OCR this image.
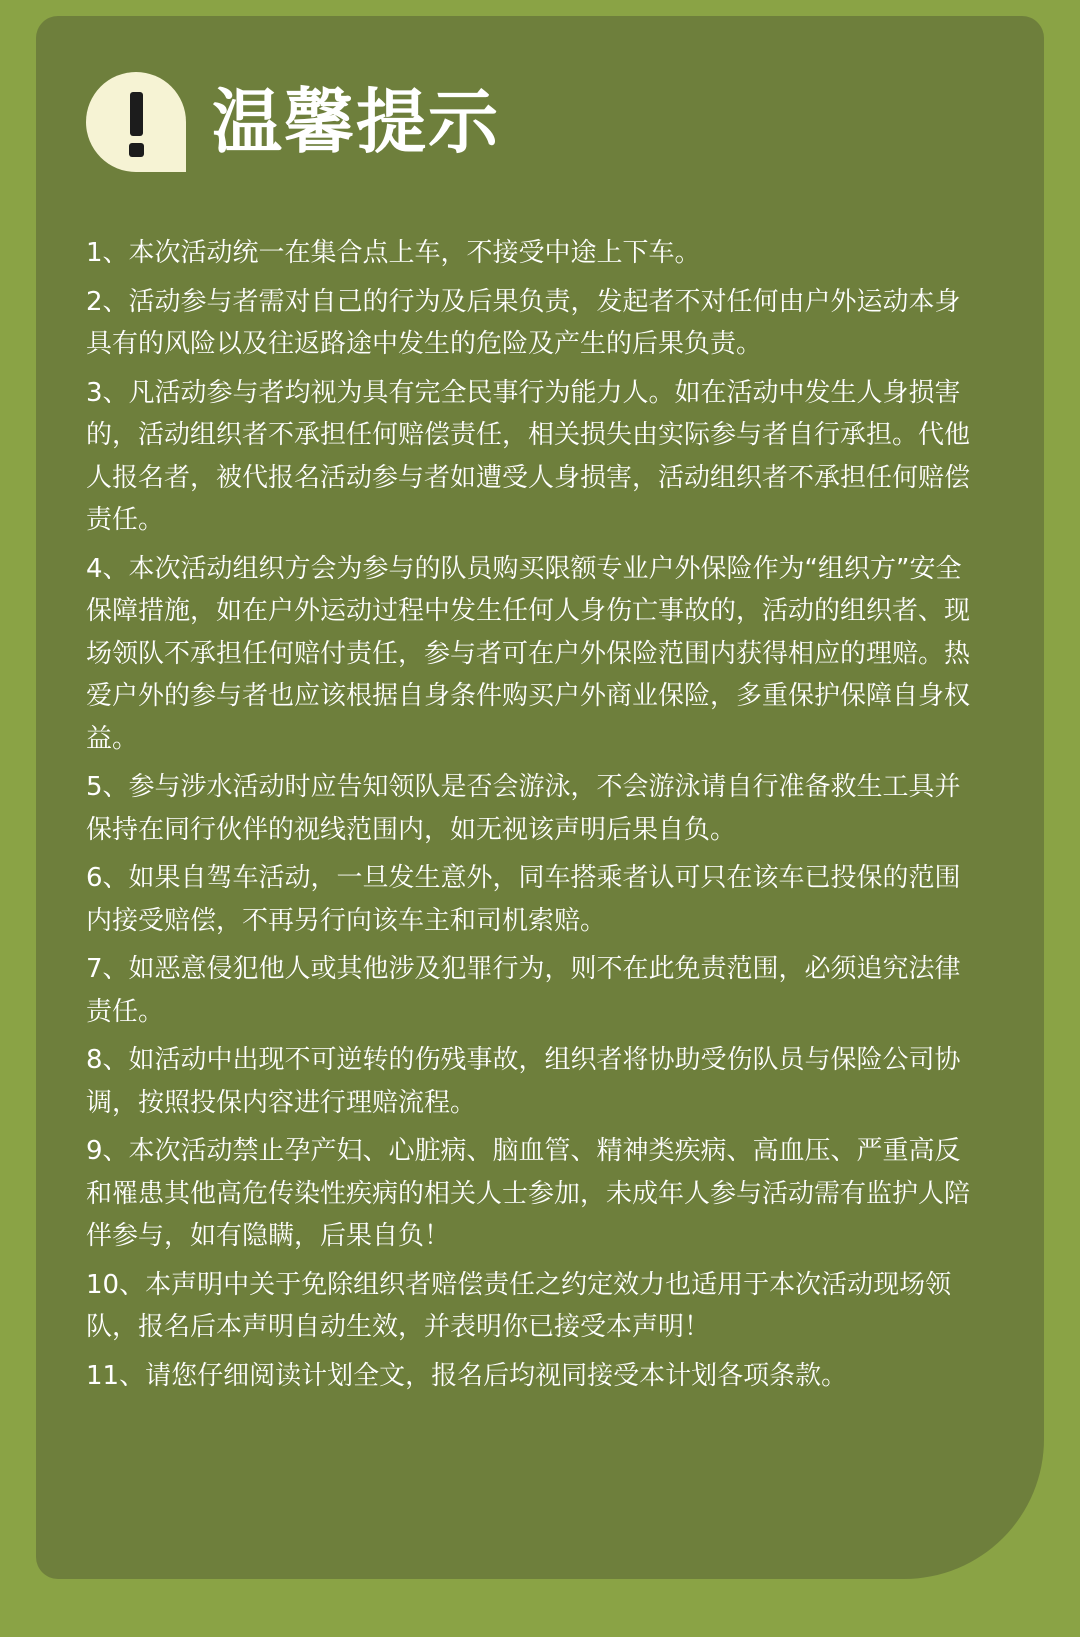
温馨提示
1、本次活动统一在集合点上车，不接受中途上下车。
2、活动参与者需对自己的行为及后果负责，发起者不对任何由户外运动本身具有的风险以及往返路途中发生的危险及产生的后果负责。
3、凡活动参与者均视为具有完全民事行为能力人。如在活动中发生人身损害的，活动组织者不承担任何赔偿责任，相关损失由实际参与者自行承担。代他人报名者，被代报名活动参与者如遭受人身损害，活动组织者不承担任何赔偿责任。
4、本次活动组织方会为参与的队员购买限额专业户外保险作为“组织方”安全保障措施，如在户外运动过程中发生任何人身伤亡事故的，活动的组织者、现场领队不承担任何赔付责任，参与者可在户外保险范围内获得相应的理赔。热爱户外的参与者也应该根据自身条件购买户外商业保险，多重保护保障自身权益。
5、参与涉水活动时应告知领队是否会游泳，不会游泳请自行准备救生工具并保持在同行伙伴的视线范围内，如无视该声明后果自负。
6、如果自驾车活动，一旦发生意外，同车搭乘者认可只在该车已投保的范围内接受赔偿，不再另行向该车主和司机索赔。
7、如恶意侵犯他人或其他涉及犯罪行为，则不在此免责范围，必须追究法律责任。
8、如活动中出现不可逆转的伤残事故，组织者将协助受伤队员与保险公司协调，按照投保内容进行理赔流程。
9、本次活动禁止孕产妇、心脏病、脑血管、精神类疾病、高血压、严重高反和罹患其他高危传染性疾病的相关人士参加，未成年人参与活动需有监护人陪伴参与，如有隐瞒，后果自负！
10、本声明中关于免除组织者赔偿责任之约定效力也适用于本次活动现场领队，报名后本声明自动生效，并表明你已接受本声明！
11、请您仔细阅读计划全文，报名后均视同接受本计划各项条款。
